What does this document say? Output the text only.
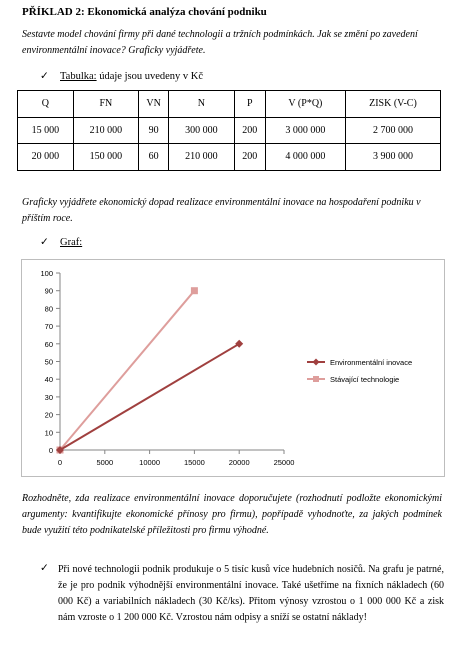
PŘÍKLAD 2: Ekonomická analýza chování podniku
Sestavte model chování firmy při dané technologii a tržních podmínkách. Jak se změní po zavedení environmentální inovace? Graficky vyjádřete.
✓ Tabulka: údaje jsou uvedeny v Kč
Q	FN	VN	N	P	V (P*Q)	ZISK (V-C)
15 000	210 000	90	300 000	200	3 000 000	2 700 000
20 000	150 000	60	210 000	200	4 000 000	3 900 000
Graficky vyjádřete ekonomický dopad realizace environmentální inovace na hospodaření podniku v příštím roce.
✓ Graf:
0
10
20
30
40
50
60
70
80
90
100
0	5000	10000	15000	20000	25000
Environmentální inovace
Stávající technologie
Rozhodněte, zda realizace environmentální inovace doporučujete (rozhodnutí podložte ekonomickými argumenty: kvantifikujte ekonomické přínosy pro firmu), popřípadě vyhodnoťte, za jakých podmínek bude využití této podnikatelské příležitosti pro firmu výhodné.
✓ Při nové technologii podnik produkuje o 5 tisíc kusů více hudebních nosičů. Na grafu je patrné, že je pro podnik výhodnější environmentální inovace. Také ušetříme na fixních nákladech (60 000 Kč) a variabilních nákladech (30 Kč/ks). Přitom výnosy vzrostou o 1 000 000 Kč a zisk nám vzroste o 1 200 000 Kč. Vzrostou nám odpisy a sníží se ostatní náklady!
